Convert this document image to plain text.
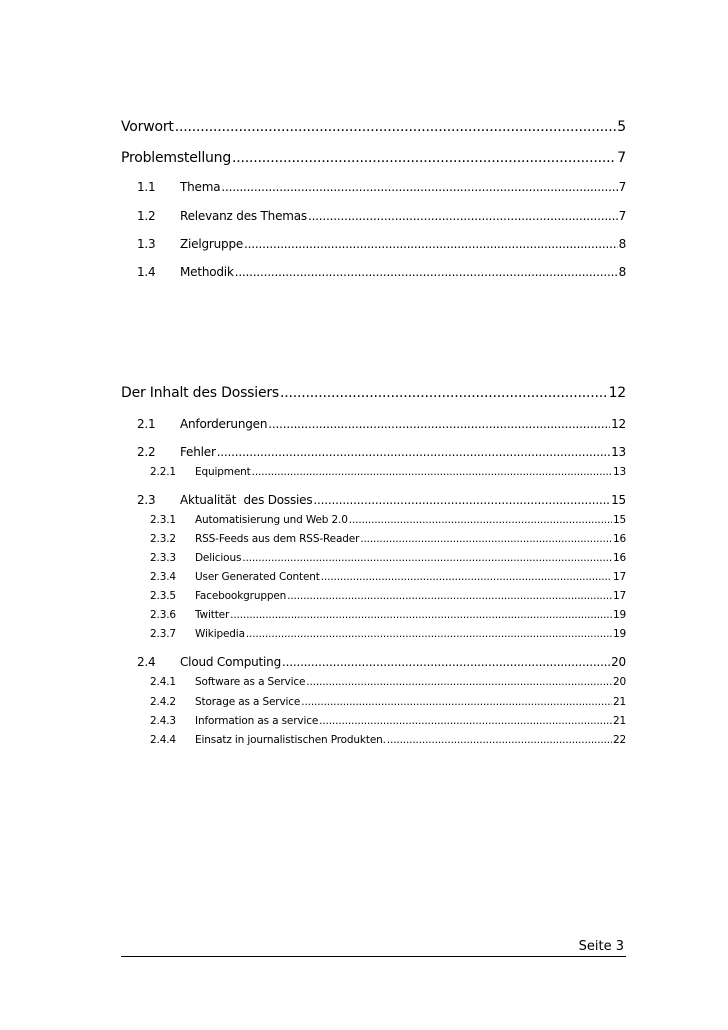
Vorwort .....	5
Problemstellung .....	7
1.1	Thema .....	7
1.2	Relevanz des Themas .....	7
1.3	Zielgruppe .....	8
1.4	Methodik .....	8
Der Inhalt des Dossiers .....	12
2.1	Anforderungen .....	12
2.2	Fehler .....	13
2.2.1	Equipment .....	13
2.3	Aktualität  des Dossies .....	15
2.3.1	Automatisierung und Web 2.0 .....	15
2.3.2	RSS-Feeds aus dem RSS-Reader .....	16
2.3.3	Delicious .....	16
2.3.4	User Generated Content .....	17
2.3.5	Facebookgruppen .....	17
2.3.6	Twitter .....	19
2.3.7	Wikipedia .....	19
2.4	Cloud Computing .....	20
2.4.1	Software as a Service .....	20
2.4.2	Storage as a Service .....	21
2.4.3	Information as a service .....	21
2.4.4	Einsatz in journalistischen Produkten. .....	22
Seite 3
